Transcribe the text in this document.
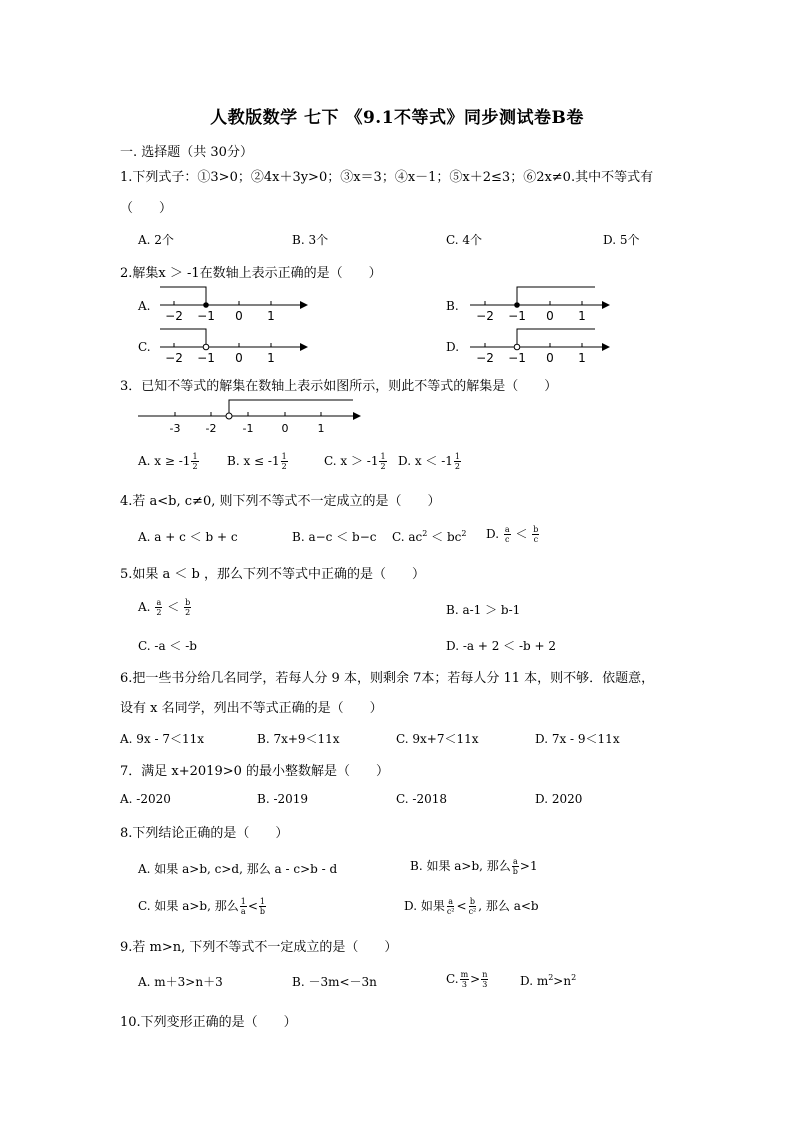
人教版数学 七下 《9.1不等式》同步测试卷B卷
一. 选择题（共 30分）
1.下列式子：①3>0；②4x＋3y>0；③x＝3；④x－1；⑤x＋2≤3；⑥2x≠0.其中不等式有
（　　）
A. 2个	B. 3个	C. 4个	D. 5个
2.解集x ＞ -1在数轴上表示正确的是（　　）
A.
−2 −1 0 1
B.
−2 −1 0 1
C.
−2 −1 0 1
D.
−2 −1 0 1
3．已知不等式的解集在数轴上表示如图所示，则此不等式的解集是（　　）
-3 -2 -1	0	1
A. $x \ge -1 \frac{1}{2} B$. $x \le -1 \frac{1}{2}$	C. $x > -1 \frac{1}{2} D$. $x < -1 \frac{1}{2}$
4.若 a<b, c≠0, 则下列不等式不一定成立的是（　　）
A. a + c ＜ b + c	B. a−c ＜ b−c C. $ac^2 < bc^2$ D. $\frac{a}{c} < \frac{b}{c}$
5.如果 a ＜ b ，那么下列不等式中正确的是（　　）
A. $\frac{a}{2} < \frac{b}{2}$	B. a-1 ＞ b-1
C. -a ＜ -b	D. -a + 2 ＜ -b + 2
6.把一些书分给几名同学，若每人分 9 本，则剩余 7本；若每人分 11 本，则不够．依题意，
设有 x 名同学，列出不等式正确的是（　　）
A. 9x - 7＜11x	B. 7x+9＜11x	C. 9x+7＜11x	D. 7x - 9＜11x
7．满足 x+2019>0 的最小整数解是（　　）
A. -2020	B. -2019	C. -2018	D. 2020
8.下列结论正确的是（　　）
A. 如果 a>b, c>d, 那么 a - c>b - d	B. 如果 a>b, 那么 $\frac{a}{b} >1$
C. 如果 a>b, 那么 $\frac{1}{a} < \frac{1}{b}$	D. 如果 $\frac{a}{\text{c²}} < \frac{b}{\text{c²}}$ , 那么 a<b
9.若 m>n, 下列不等式不一定成立的是（　　）
A. m＋3>n＋3	B. －3m<－3n	C. $\frac{m}{3} > \frac{n}{3}$	D. $m^2>n^2$
10.下列变形正确的是（　　）
